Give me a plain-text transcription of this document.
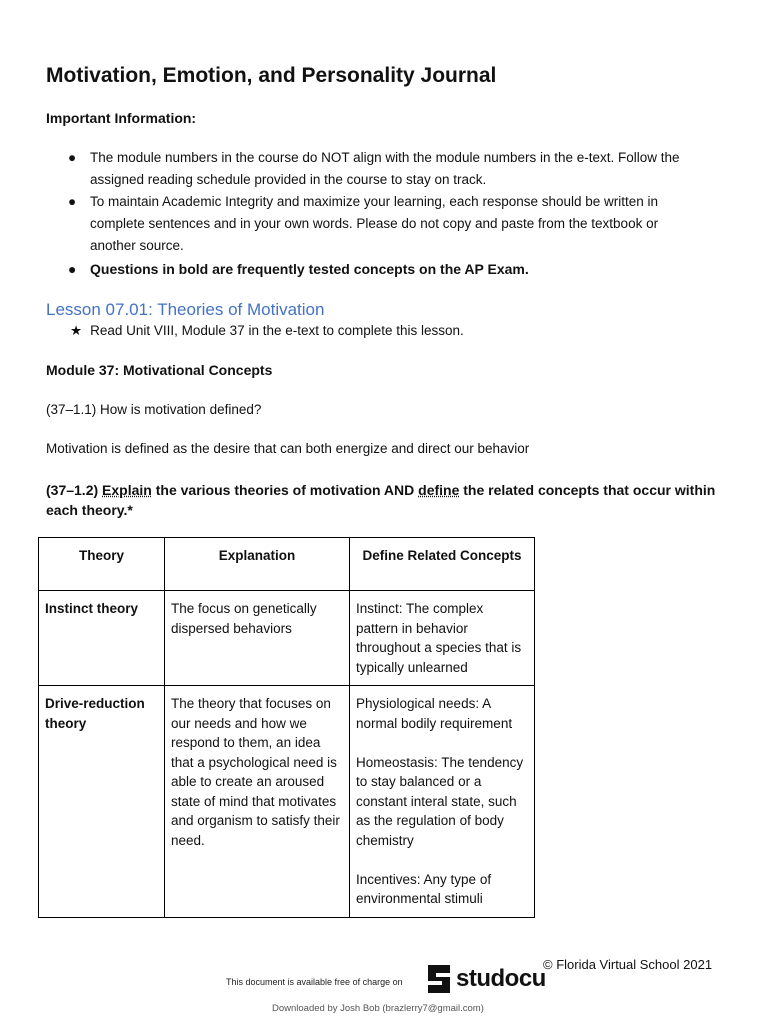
Motivation, Emotion, and Personality Journal
Important Information:
● The module numbers in the course do NOT align with the module numbers in the e-text. Follow the assigned reading schedule provided in the course to stay on track.
● To maintain Academic Integrity and maximize your learning, each response should be written in complete sentences and in your own words. Please do not copy and paste from the textbook or another source.
● Questions in bold are frequently tested concepts on the AP Exam.
Lesson 07.01: Theories of Motivation
★ Read Unit VIII, Module 37 in the e-text to complete this lesson.
Module 37: Motivational Concepts
(37–1.1) How is motivation defined?
Motivation is defined as the desire that can both energize and direct our behavior
(37–1.2) Explain the various theories of motivation AND define the related concepts that occur within each theory.*
Theory	Explanation	Define Related Concepts
Instinct theory	The focus on genetically dispersed behaviors	Instinct: The complex pattern in behavior throughout a species that is typically unlearned

Drive-reduction theory	The theory that focuses on our needs and how we respond to them, an idea that a psychological need is able to create an aroused state of mind that motivates and organism to satisfy their need.	Physiological needs: A normal bodily requirement
Homeostasis: The tendency to stay balanced or a constant interal state, such as the regulation of body chemistry
Incentives: Any type of environmental stimuli
© Florida Virtual School 2021
This document is available free of charge on studocu
Downloaded by Josh Bob (brazlerry7@gmail.com)
